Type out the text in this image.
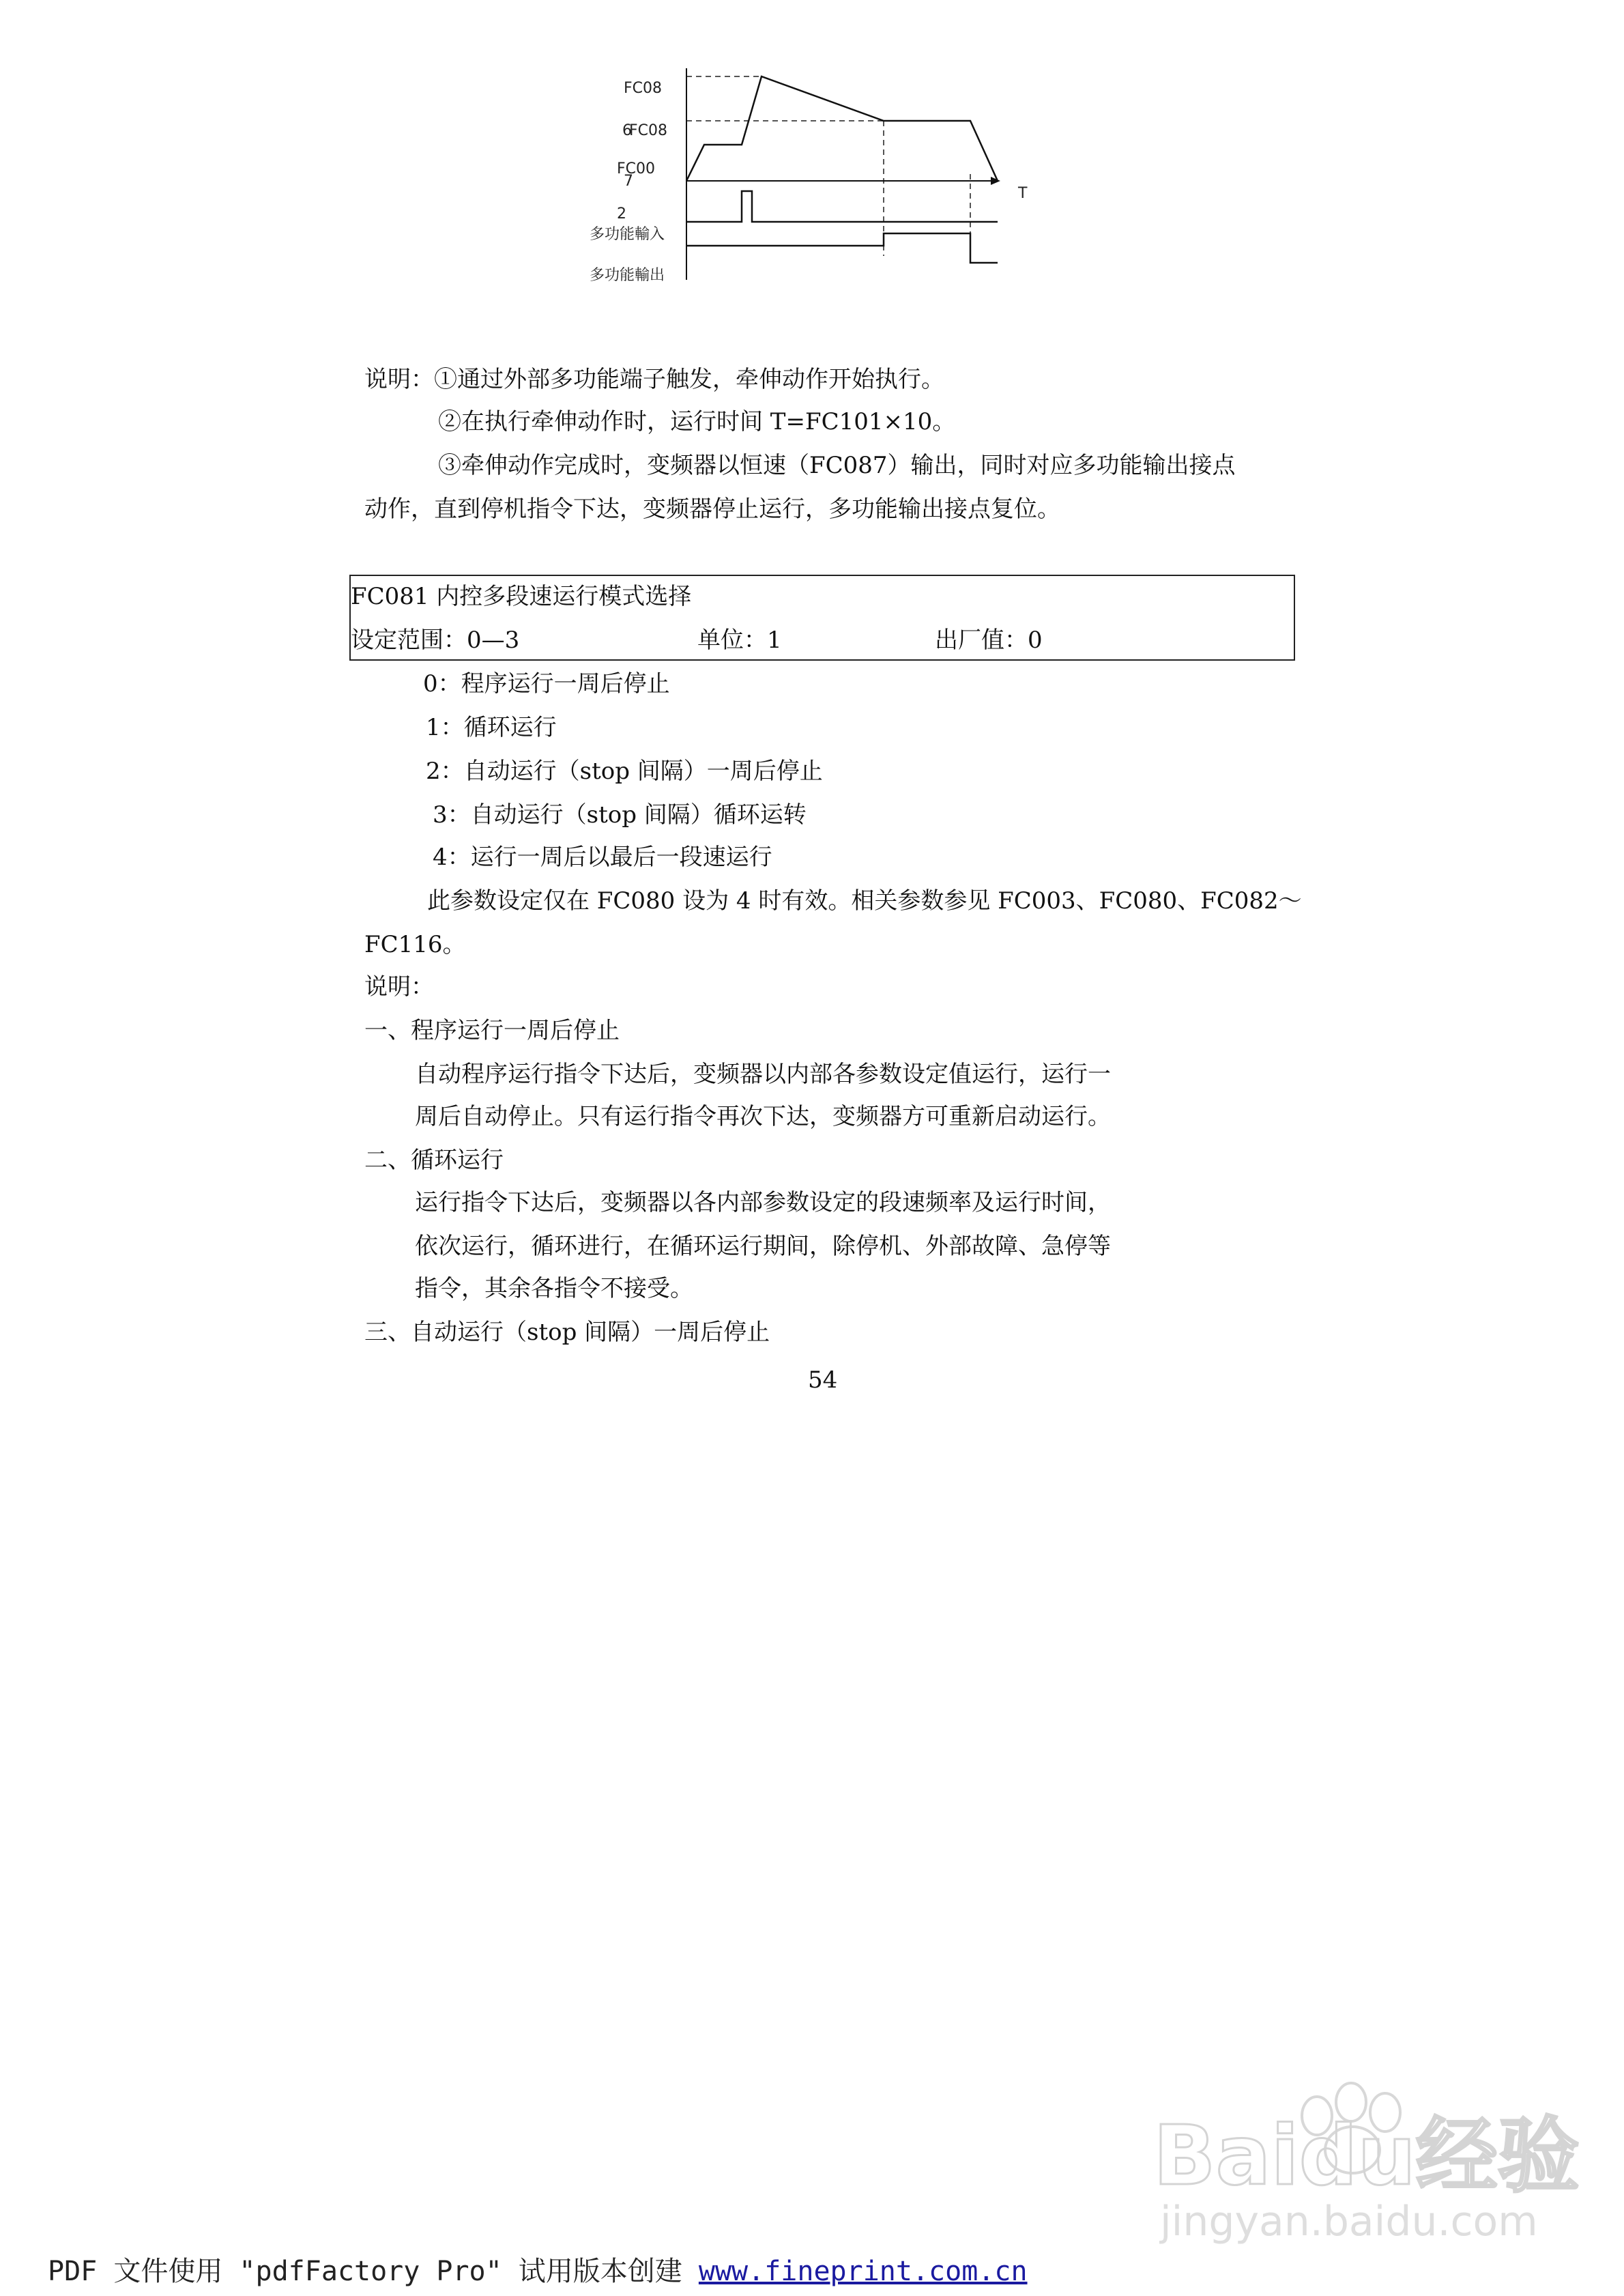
FC08
6
FC08
FC00
7
2
T
多功能輸入
多功能輸出
说明：①通过外部多功能端子触发，牵伸动作开始执行。
②在执行牵伸动作时，运行时间 T=FC101×10。
③牵伸动作完成时，变频器以恒速（FC087）输出，同时对应多功能输出接点
动作，直到停机指令下达，变频器停止运行，多功能输出接点复位。
FC081 内控多段速运行模式选择
设定范围：0—3	单位：1	出厂值：0
0：程序运行一周后停止
1：循环运行
2：自动运行（stop 间隔）一周后停止
3：自动运行（stop 间隔）循环运转
4：运行一周后以最后一段速运行
此参数设定仅在 FC080 设为 4 时有效。相关参数参见 FC003、FC080、FC082～
FC116。
说明：
一、程序运行一周后停止
自动程序运行指令下达后，变频器以内部各参数设定值运行，运行一
周后自动停止。只有运行指令再次下达，变频器方可重新启动运行。
二、循环运行
运行指令下达后，变频器以各内部参数设定的段速频率及运行时间，
依次运行，循环进行，在循环运行期间，除停机、外部故障、急停等
指令，其余各指令不接受。
三、自动运行（stop 间隔）一周后停止
54
Baidu经验
jingyan.baidu.com
PDF 文件使用 "pdfFactory Pro" 试用版本创建 www.fineprint.com.cn
